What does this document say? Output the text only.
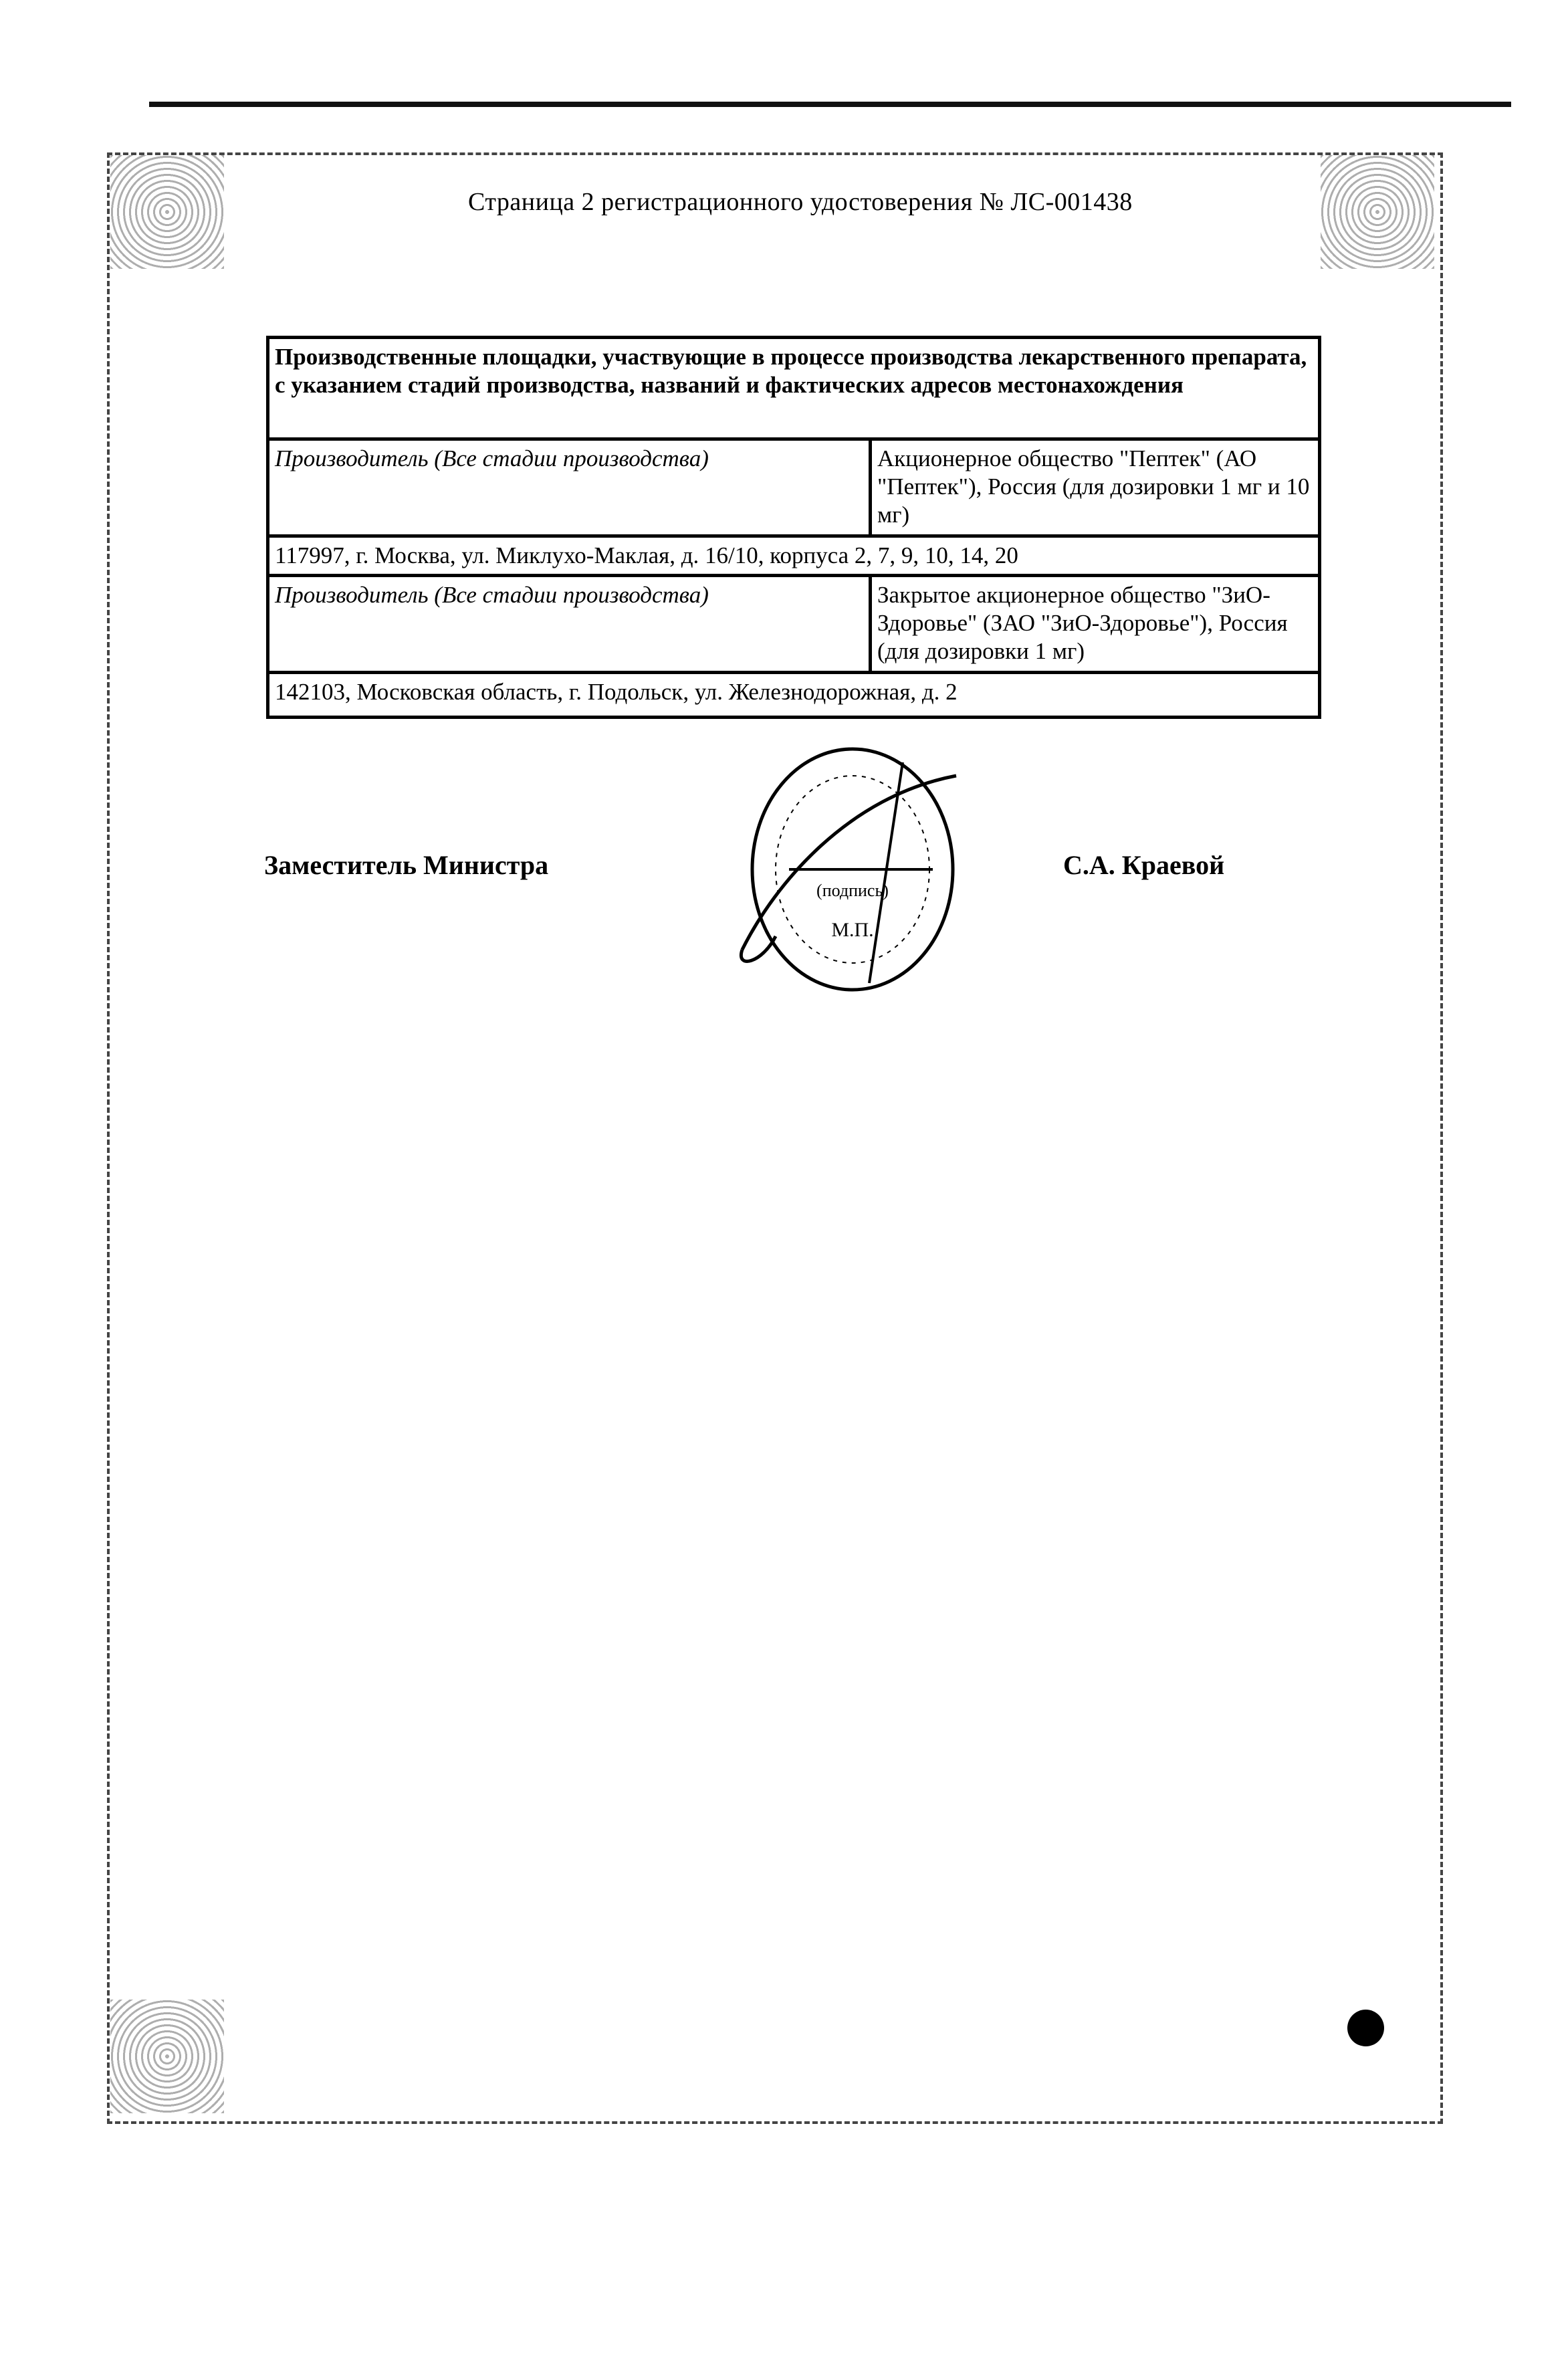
Страница 2 регистрационного удостоверения № ЛС-001438
Производственные площадки, участвующие в процессе производства лекарственного препарата, с указанием стадий производства, названий и фактических адресов местонахождения	
Производитель (Все стадии производства)	Акционерное общество "Пептек" (АО "Пептек"), Россия (для дозировки 1 мг и 10 мг)
117997, г. Москва, ул. Миклухо-Маклая, д. 16/10, корпуса 2, 7, 9, 10, 14, 20	
Производитель (Все стадии производства)	Закрытое акционерное общество "ЗиО-Здоровье" (ЗАО "ЗиО-Здоровье"), Россия (для дозировки 1 мг)
142103, Московская область, г. Подольск, ул. Железнодорожная, д. 2	
Заместитель Министра	С.А. Краевой
(подпись)
М.П.
